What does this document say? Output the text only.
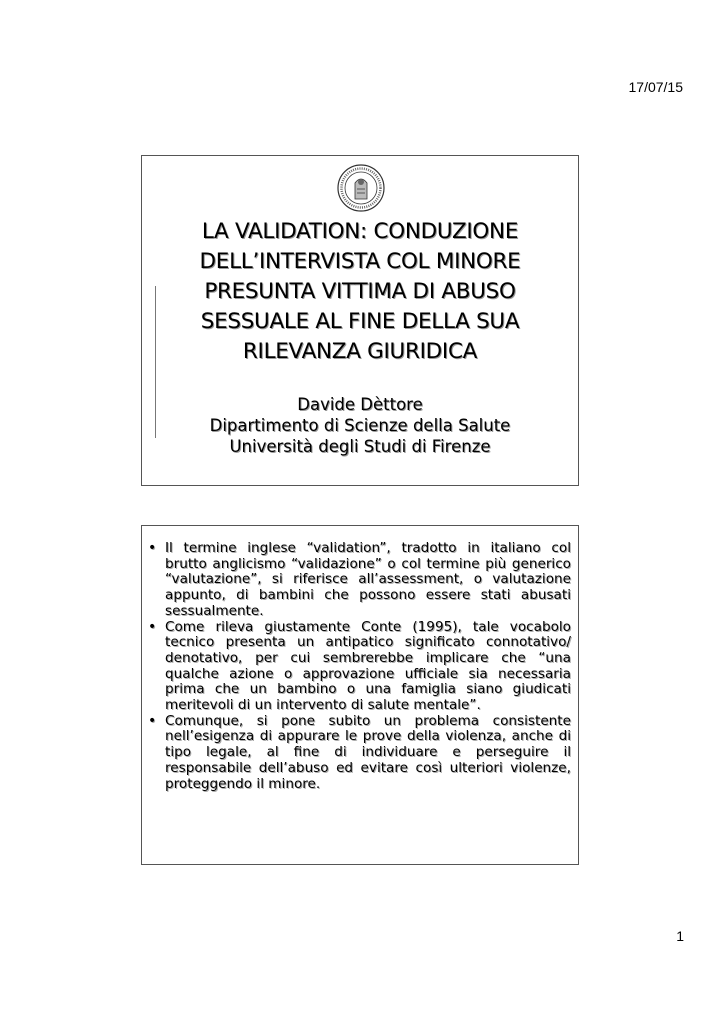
17/07/15
LA VALIDATION: CONDUZIONE
DELL’INTERVISTA COL MINORE
PRESUNTA VITTIMA DI ABUSO
SESSUALE AL FINE DELLA SUA
RILEVANZA GIURIDICA
Davide Dèttore
Dipartimento di Scienze della Salute
Università degli Studi di Firenze
• Il termine inglese “validation”, tradotto in italiano col brutto anglicismo “validazione” o col termine più generico “valutazione”, si riferisce all’assessment, o valutazione appunto, di bambini che possono essere stati abusati sessualmente.
• Come rileva giustamente Conte (1995), tale vocabolo tecnico presenta un antipatico significato connotativo/ denotativo, per cui sembrerebbe implicare che “una qualche azione o approvazione ufficiale sia necessaria prima che un bambino o una famiglia siano giudicati meritevoli di un intervento di salute mentale”.
• Comunque, si pone subito un problema consistente nell’esigenza di appurare le prove della violenza, anche di tipo legale, al fine di individuare e perseguire il responsabile dell’abuso ed evitare così ulteriori violenze, proteggendo il minore.
1
